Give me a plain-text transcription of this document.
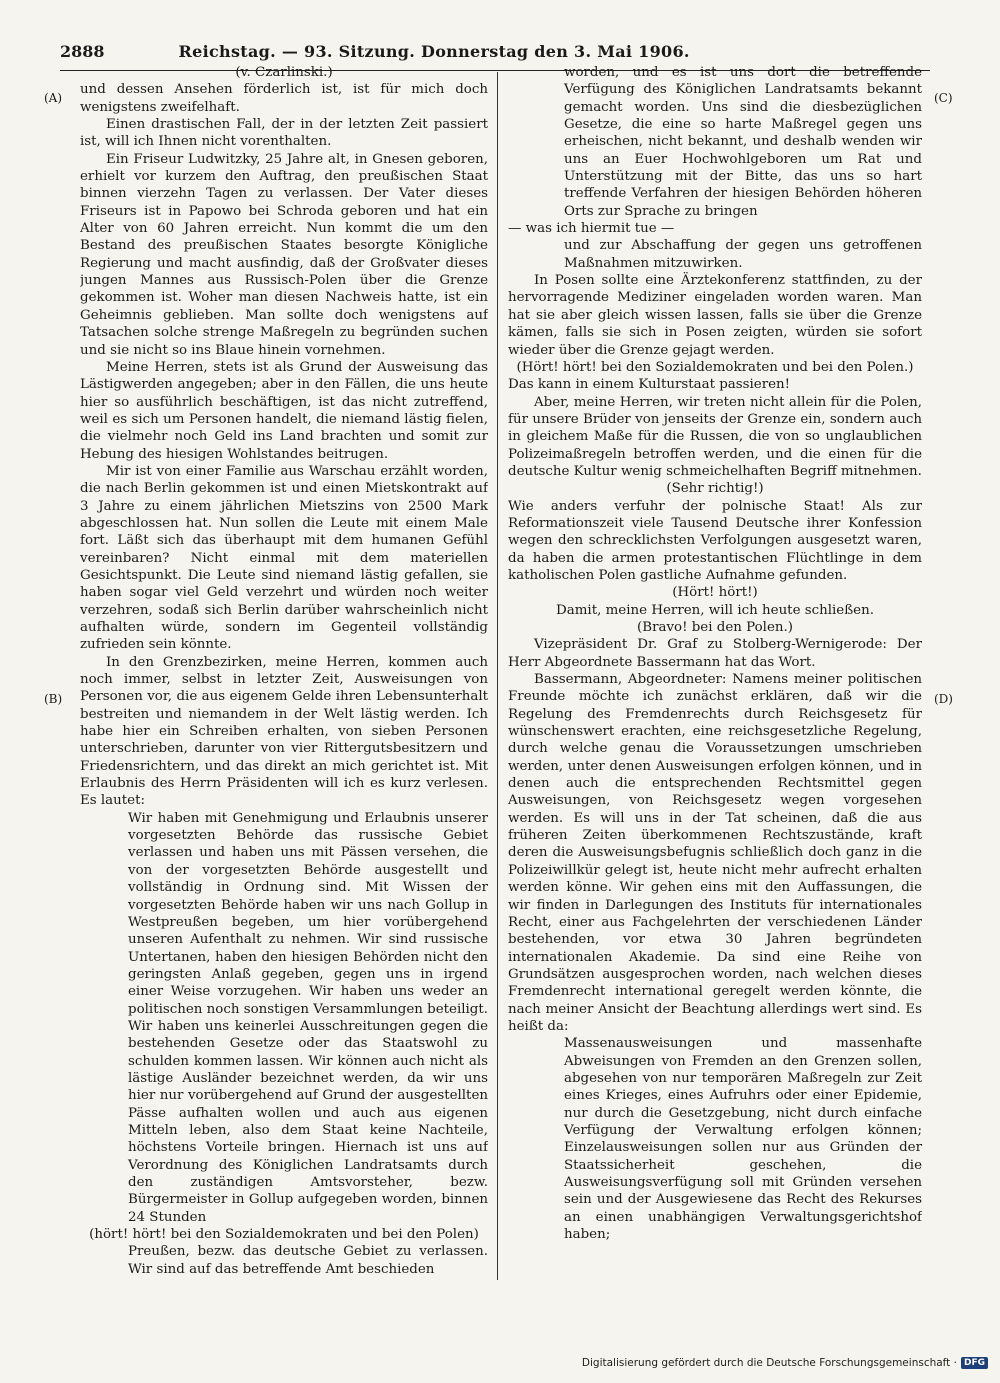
2888	Reichstag. — 93. Sitzung. Donnerstag den 3. Mai 1906.
(A)
(B)
(C)
(D)

(v. Czarlinski.)

und dessen Ansehen förderlich ist, ist für mich doch wenigstens zweifelhaft.

Einen drastischen Fall, der in der letzten Zeit passiert ist, will ich Ihnen nicht vorenthalten.

Ein Friseur Ludwitzky, 25 Jahre alt, in Gnesen geboren, erhielt vor kurzem den Auftrag, den preußischen Staat binnen vierzehn Tagen zu verlassen. Der Vater dieses Friseurs ist in Papowo bei Schroda geboren und hat ein Alter von 60 Jahren erreicht. Nun kommt die um den Bestand des preußischen Staates besorgte Königliche Regierung und macht ausfindig, daß der Großvater dieses jungen Mannes aus Russisch-Polen über die Grenze gekommen ist. Woher man diesen Nachweis hatte, ist ein Geheimnis geblieben. Man sollte doch wenigstens auf Tatsachen solche strenge Maßregeln zu begründen suchen und sie nicht so ins Blaue hinein vornehmen.

Meine Herren, stets ist als Grund der Ausweisung das Lästigwerden angegeben; aber in den Fällen, die uns heute hier so ausführlich beschäftigen, ist das nicht zutreffend, weil es sich um Personen handelt, die niemand lästig fielen, die vielmehr noch Geld ins Land brachten und somit zur Hebung des hiesigen Wohlstandes beitrugen.

Mir ist von einer Familie aus Warschau erzählt worden, die nach Berlin gekommen ist und einen Mietskontrakt auf 3 Jahre zu einem jährlichen Mietszins von 2500 Mark abgeschlossen hat. Nun sollen die Leute mit einem Male fort. Läßt sich das überhaupt mit dem humanen Gefühl vereinbaren? Nicht einmal mit dem materiellen Gesichtspunkt. Die Leute sind niemand lästig gefallen, sie haben sogar viel Geld verzehrt und würden noch weiter verzehren, sodaß sich Berlin darüber wahrscheinlich nicht aufhalten würde, sondern im Gegenteil vollständig zufrieden sein könnte.

In den Grenzbezirken, meine Herren, kommen auch noch immer, selbst in letzter Zeit, Ausweisungen von Personen vor, die aus eigenem Gelde ihren Lebensunterhalt bestreiten und niemandem in der Welt lästig werden. Ich habe hier ein Schreiben erhalten, von sieben Personen unterschrieben, darunter von vier Rittergutsbesitzern und Friedensrichtern, und das direkt an mich gerichtet ist. Mit Erlaubnis des Herrn Präsidenten will ich es kurz verlesen. Es lautet:

Wir haben mit Genehmigung und Erlaubnis unserer vorgesetzten Behörde das russische Gebiet verlassen und haben uns mit Pässen versehen, die von der vorgesetzten Behörde ausgestellt und vollständig in Ordnung sind. Mit Wissen der vorgesetzten Behörde haben wir uns nach Gollup in Westpreußen begeben, um hier vorübergehend unseren Aufenthalt zu nehmen. Wir sind russische Untertanen, haben den hiesigen Behörden nicht den geringsten Anlaß gegeben, gegen uns in irgend einer Weise vorzugehen. Wir haben uns weder an politischen noch sonstigen Versammlungen beteiligt. Wir haben uns keinerlei Ausschreitungen gegen die bestehenden Gesetze oder das Staatswohl zu schulden kommen lassen. Wir können auch nicht als lästige Ausländer bezeichnet werden, da wir uns hier nur vorübergehend auf Grund der ausgestellten Pässe aufhalten wollen und auch aus eigenen Mitteln leben, also dem Staat keine Nachteile, höchstens Vorteile bringen. Hiernach ist uns auf Verordnung des Königlichen Landratsamts durch den zuständigen Amtsvorsteher, bezw. Bürgermeister in Gollup aufgegeben worden, binnen 24 Stunden

(hört! hört! bei den Sozialdemokraten und bei den Polen)

Preußen, bezw. das deutsche Gebiet zu verlassen. Wir sind auf das betreffende Amt beschieden

worden, und es ist uns dort die betreffende Verfügung des Königlichen Landratsamts bekannt gemacht worden. Uns sind die diesbezüglichen Gesetze, die eine so harte Maßregel gegen uns erheischen, nicht bekannt, und deshalb wenden wir uns an Euer Hochwohlgeboren um Rat und Unterstützung mit der Bitte, das uns so hart treffende Verfahren der hiesigen Behörden höheren Orts zur Sprache zu bringen

— was ich hiermit tue —

und zur Abschaffung der gegen uns getroffenen Maßnahmen mitzuwirken.

In Posen sollte eine Ärztekonferenz stattfinden, zu der hervorragende Mediziner eingeladen worden waren. Man hat sie aber gleich wissen lassen, falls sie über die Grenze kämen, falls sie sich in Posen zeigten, würden sie sofort wieder über die Grenze gejagt werden.

(Hört! hört! bei den Sozialdemokraten und bei den Polen.)

Das kann in einem Kulturstaat passieren!

Aber, meine Herren, wir treten nicht allein für die Polen, für unsere Brüder von jenseits der Grenze ein, sondern auch in gleichem Maße für die Russen, die von so unglaublichen Polizeimaßregeln betroffen werden, und die einen für die deutsche Kultur wenig schmeichelhaften Begriff mitnehmen.

(Sehr richtig!)

Wie anders verfuhr der polnische Staat! Als zur Reformationszeit viele Tausend Deutsche ihrer Konfession wegen den schrecklichsten Verfolgungen ausgesetzt waren, da haben die armen protestantischen Flüchtlinge in dem katholischen Polen gastliche Aufnahme gefunden.

(Hört! hört!)

Damit, meine Herren, will ich heute schließen.

(Bravo! bei den Polen.)

Vizepräsident Dr. Graf zu Stolberg-Wernigerode: Der Herr Abgeordnete Bassermann hat das Wort.

Bassermann, Abgeordneter: Namens meiner politischen Freunde möchte ich zunächst erklären, daß wir die Regelung des Fremdenrechts durch Reichsgesetz für wünschenswert erachten, eine reichsgesetzliche Regelung, durch welche genau die Voraussetzungen umschrieben werden, unter denen Ausweisungen erfolgen können, und in denen auch die entsprechenden Rechtsmittel gegen Ausweisungen, von Reichsgesetz wegen vorgesehen werden. Es will uns in der Tat scheinen, daß die aus früheren Zeiten überkommenen Rechtszustände, kraft deren die Ausweisungsbefugnis schließlich doch ganz in die Polizeiwillkür gelegt ist, heute nicht mehr aufrecht erhalten werden könne. Wir gehen eins mit den Auffassungen, die wir finden in Darlegungen des Instituts für internationales Recht, einer aus Fachgelehrten der verschiedenen Länder bestehenden, vor etwa 30 Jahren begründeten internationalen Akademie. Da sind eine Reihe von Grundsätzen ausgesprochen worden, nach welchen dieses Fremdenrecht international geregelt werden könnte, die nach meiner Ansicht der Beachtung allerdings wert sind. Es heißt da:

Massenausweisungen und massenhafte Abweisungen von Fremden an den Grenzen sollen, abgesehen von nur temporären Maßregeln zur Zeit eines Krieges, eines Aufruhrs oder einer Epidemie, nur durch die Gesetzgebung, nicht durch einfache Verfügung der Verwaltung erfolgen können; Einzelausweisungen sollen nur aus Gründen der Staatssicherheit geschehen, die Ausweisungsverfügung soll mit Gründen versehen sein und der Ausgewiesene das Recht des Rekurses an einen unabhängigen Verwaltungsgerichtshof haben;

Digitalisierung gefördert durch die Deutsche Forschungsgemeinschaft · DFG
